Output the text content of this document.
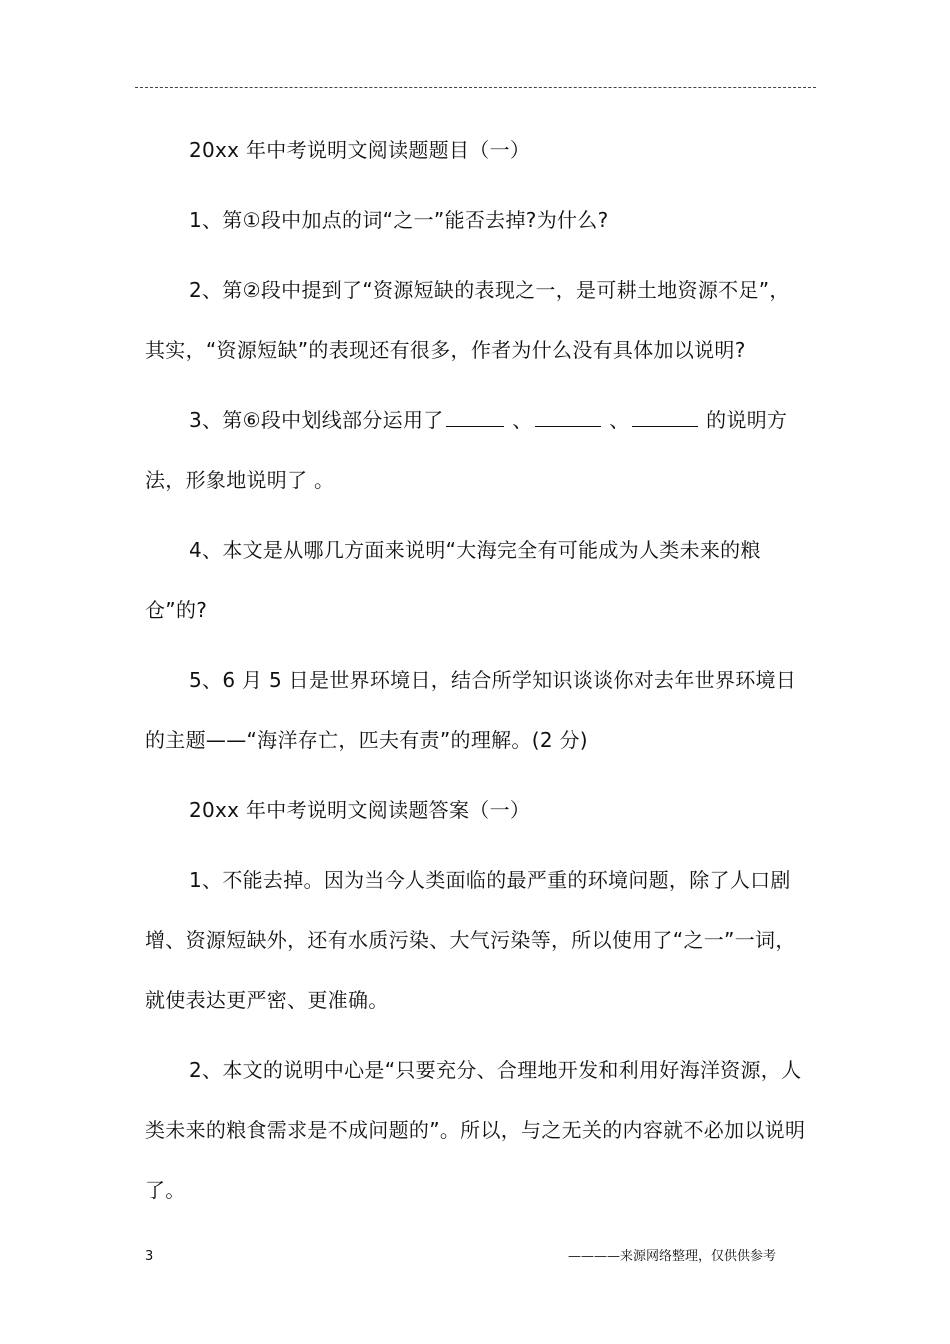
20xx 年中考说明文阅读题题目（一）

1、第①段中加点的词“之一”能否去掉?为什么?

2、第②段中提到了“资源短缺的表现之一，是可耕土地资源不足”，其实，“资源短缺”的表现还有很多，作者为什么没有具体加以说明?

3、第⑥段中划线部分运用了	、	、	的说明方法，形象地说明了 。

4、本文是从哪几方面来说明“大海完全有可能成为人类未来的粮仓”的?

5、6 月 5 日是世界环境日，结合所学知识谈谈你对去年世界环境日的主题——“海洋存亡，匹夫有责”的理解。(2 分)

20xx 年中考说明文阅读题答案（一）

1、不能去掉。因为当今人类面临的最严重的环境问题，除了人口剧增、资源短缺外，还有水质污染、大气污染等，所以使用了“之一”一词，就使表达更严密、更准确。

2、本文的说明中心是“只要充分、合理地开发和利用好海洋资源，人类未来的粮食需求是不成问题的”。所以，与之无关的内容就不必加以说明了。

3	————来源网络整理，仅供供参考
